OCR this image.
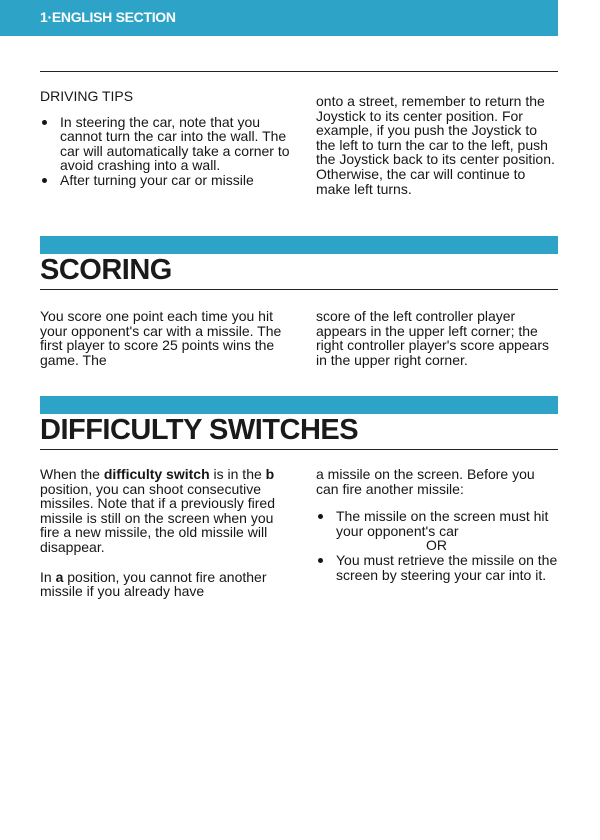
1·ENGLISH SECTION

DRIVING TIPS

In steering the car, note that you cannot turn the car into the wall. The car will automatically take a corner to avoid crashing into a wall.
After turning your car or missile

onto a street, remember to return the Joystick to its center position. For example, if you push the Joystick to the left to turn the car to the left, push the Joystick back to its center position. Otherwise, the car will continue to make left turns.

SCORING

You score one point each time you hit your opponent's car with a missile. The first player to score 25 points wins the game. The

score of the left controller player appears in the upper left corner; the right controller player's score appears in the upper right corner.

DIFFICULTY SWITCHES

When the difficulty switch is in the b position, you can shoot consecutive missiles. Note that if a previously fired missile is still on the screen when you fire a new missile, the old missile will disappear.

In a position, you cannot fire another missile if you already have

a missile on the screen. Before you can fire another missile:

The missile on the screen must hit your opponent's car
OR
You must retrieve the missile on the screen by steering your car into it.
